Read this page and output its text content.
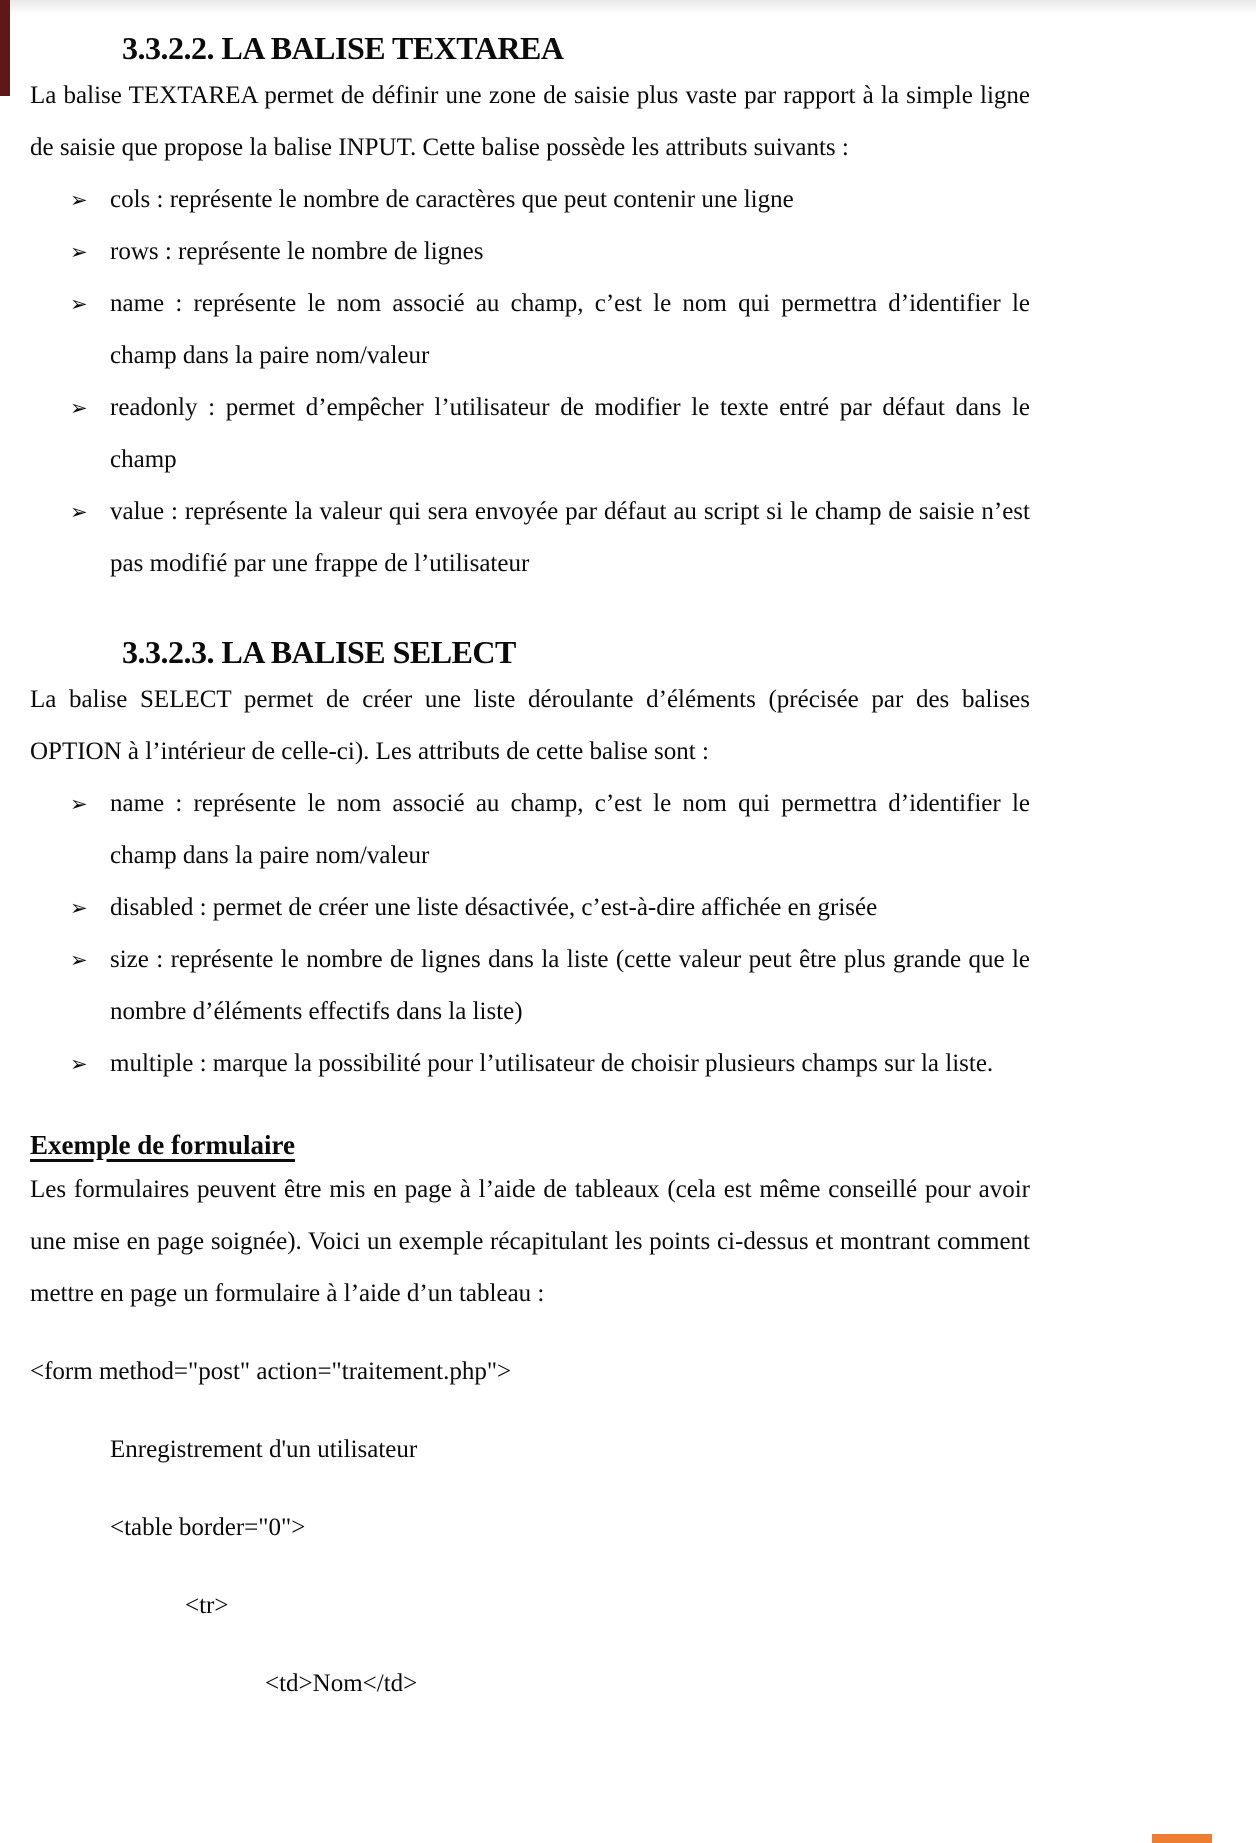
3.3.2.2. LA BALISE TEXTAREA

La balise TEXTAREA permet de définir une zone de saisie plus vaste par rapport à la simple ligne de saisie que propose la balise INPUT. Cette balise possède les attributs suivants :

➢ cols : représente le nombre de caractères que peut contenir une ligne
➢ rows : représente le nombre de lignes
➢ name : représente le nom associé au champ, c’est le nom qui permettra d’identifier le champ dans la paire nom/valeur
➢ readonly : permet d’empêcher l’utilisateur de modifier le texte entré par défaut dans le champ
➢ value : représente la valeur qui sera envoyée par défaut au script si le champ de saisie n’est pas modifié par une frappe de l’utilisateur
3.3.2.3. LA BALISE SELECT

La balise SELECT permet de créer une liste déroulante d’éléments (précisée par des balises OPTION à l’intérieur de celle-ci). Les attributs de cette balise sont :

➢ name : représente le nom associé au champ, c’est le nom qui permettra d’identifier le champ dans la paire nom/valeur
➢ disabled : permet de créer une liste désactivée, c’est-à-dire affichée en grisée
➢ size : représente le nombre de lignes dans la liste (cette valeur peut être plus grande que le nombre d’éléments effectifs dans la liste)
➢ multiple : marque la possibilité pour l’utilisateur de choisir plusieurs champs sur la liste.
Exemple de formulaire

Les formulaires peuvent être mis en page à l’aide de tableaux (cela est même conseillé pour avoir une mise en page soignée). Voici un exemple récapitulant les points ci-dessus et montrant comment mettre en page un formulaire à l’aide d’un tableau :

<form method="post" action="traitement.php">
Enregistrement d'un utilisateur
<table border="0">
<tr>
<td>Nom</td>
